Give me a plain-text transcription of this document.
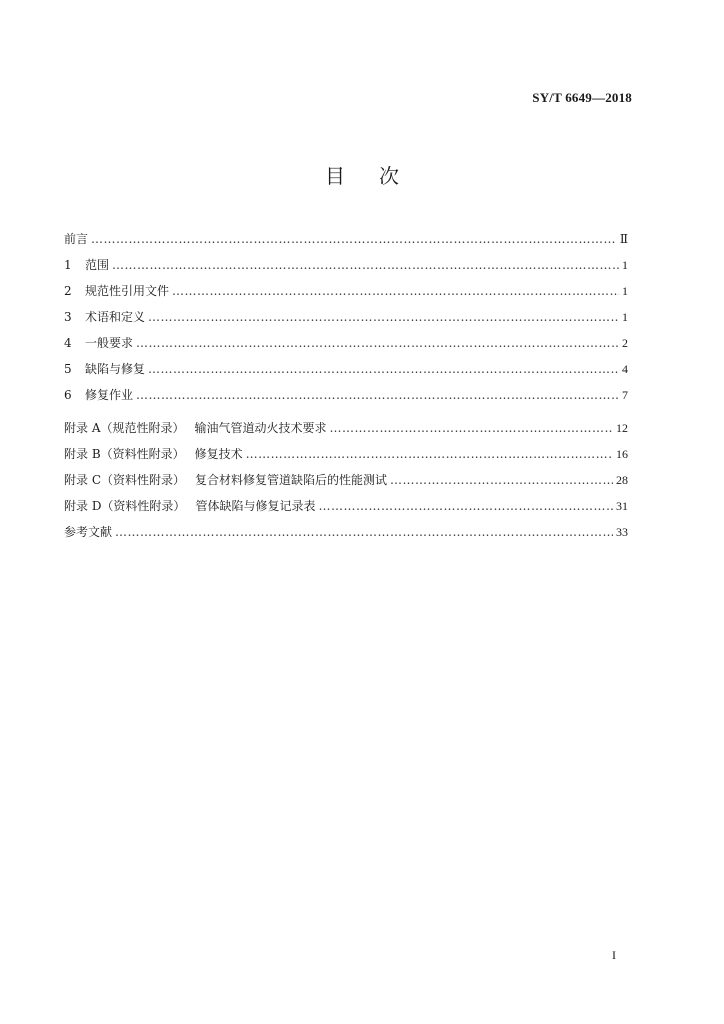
SY/T 6649—2018
目 次
前言 ………………………………………………………………………………………………………………………………………………………………………………………………	Ⅱ
1	范围 ………………………………………………………………………………………………………………………………………………………………………………………………	1
2	规范性引用文件 ………………………………………………………………………………………………………………………………………………………………………………………………	1
3	术语和定义 ………………………………………………………………………………………………………………………………………………………………………………………………	1
4	一般要求 ………………………………………………………………………………………………………………………………………………………………………………………………	2
5	缺陷与修复 ………………………………………………………………………………………………………………………………………………………………………………………………	4
6	修复作业 ………………………………………………………………………………………………………………………………………………………………………………………………	7
附录 A（规范性附录） 输油气管道动火技术要求 ………………………………………………………………………………………………………………………………………………………………………………………………	12
附录 B（资料性附录） 修复技术 ………………………………………………………………………………………………………………………………………………………………………………………………	16
附录 C（资料性附录） 复合材料修复管道缺陷后的性能测试 ………………………………………………………………………………………………………………………………………………………………………………………………	28
附录 D（资料性附录） 管体缺陷与修复记录表 ………………………………………………………………………………………………………………………………………………………………………………………………	31
参考文献 ………………………………………………………………………………………………………………………………………………………………………………………………	33
I
